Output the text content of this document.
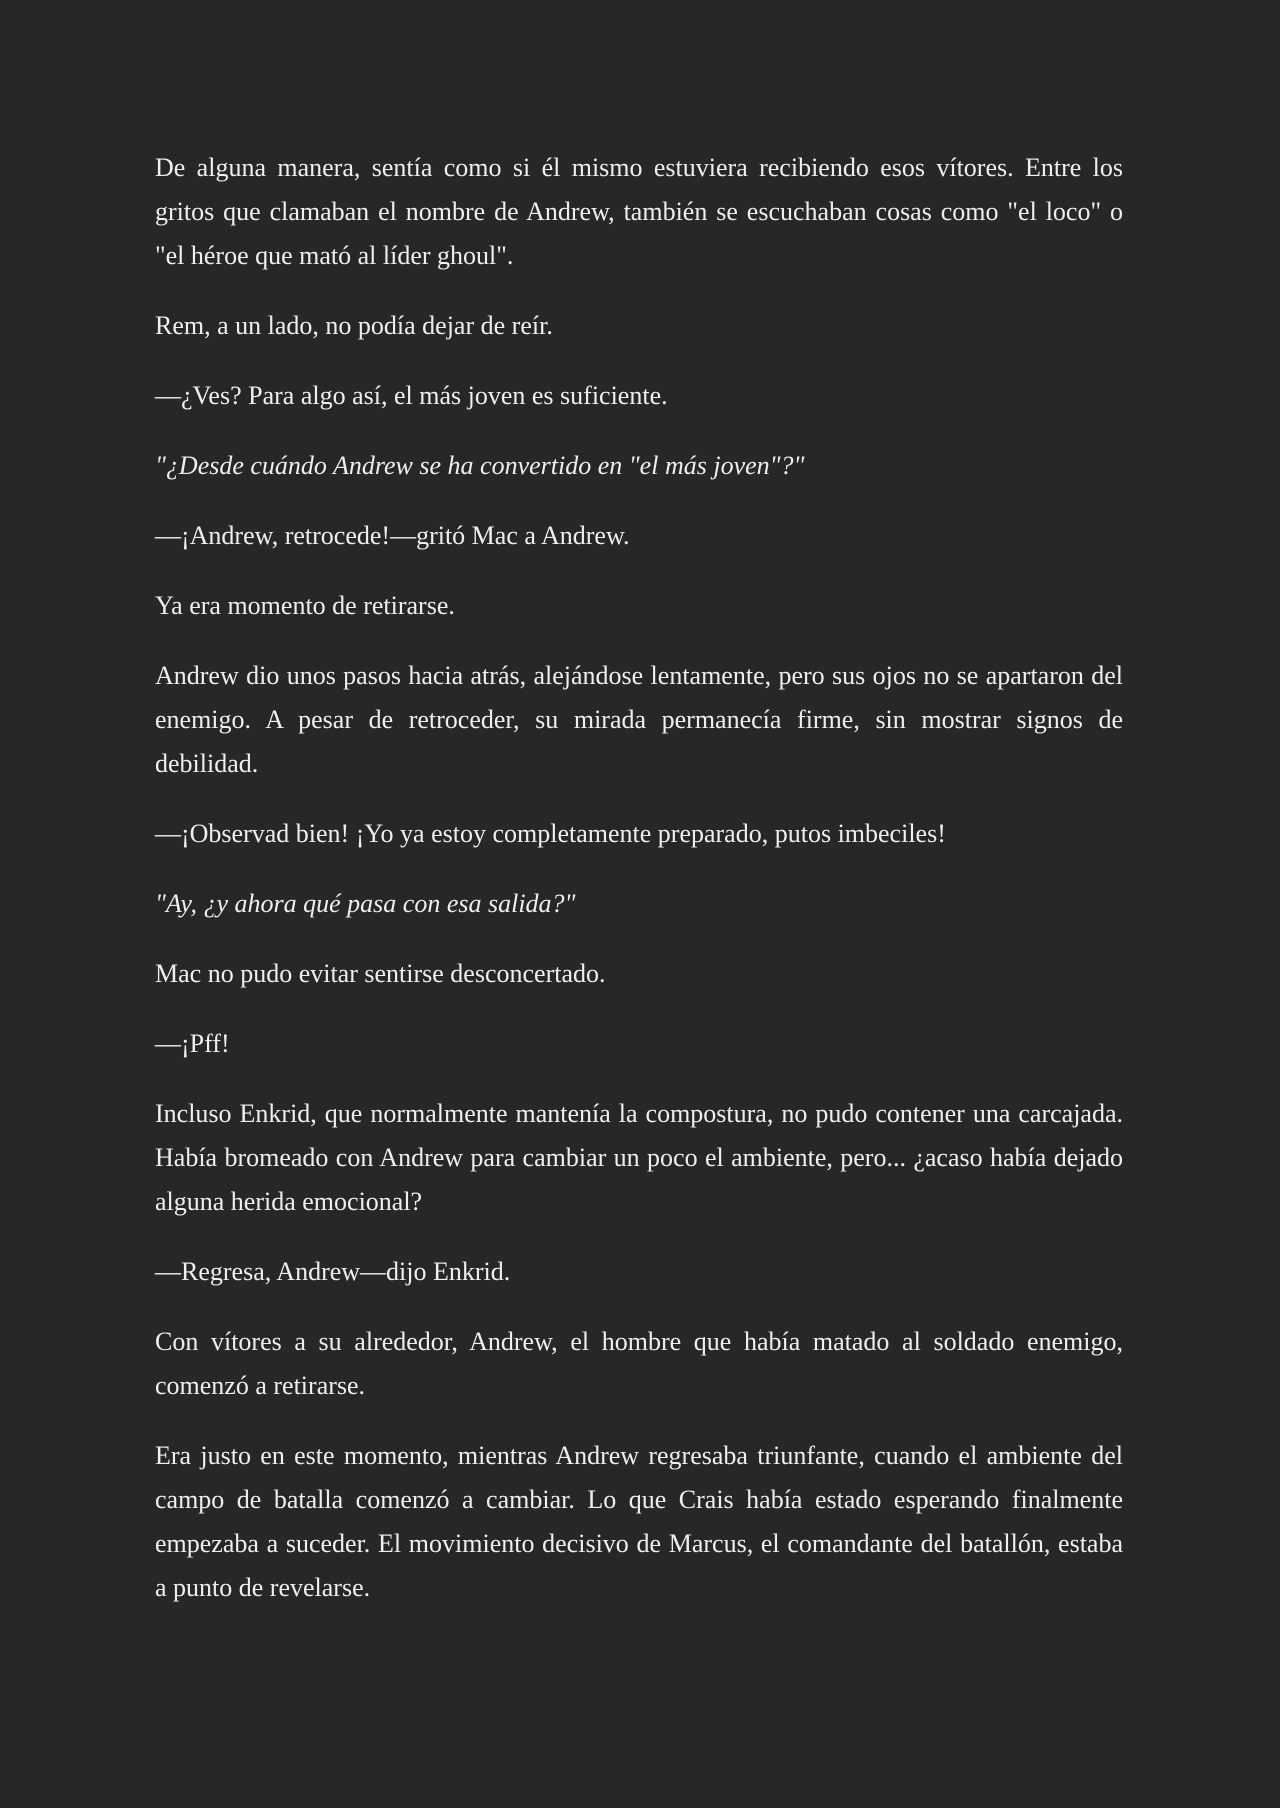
De alguna manera, sentía como si él mismo estuviera recibiendo esos vítores. Entre los gritos que clamaban el nombre de Andrew, también se escuchaban cosas como "el loco" o "el héroe que mató al líder ghoul".

Rem, a un lado, no podía dejar de reír.

—¿Ves? Para algo así, el más joven es suficiente.

"¿Desde cuándo Andrew se ha convertido en "el más joven"?"

—¡Andrew, retrocede!—gritó Mac a Andrew.

Ya era momento de retirarse.

Andrew dio unos pasos hacia atrás, alejándose lentamente, pero sus ojos no se apartaron del enemigo. A pesar de retroceder, su mirada permanecía firme, sin mostrar signos de debilidad.

—¡Observad bien! ¡Yo ya estoy completamente preparado, putos imbeciles!

"Ay, ¿y ahora qué pasa con esa salida?"

Mac no pudo evitar sentirse desconcertado.

—¡Pff!

Incluso Enkrid, que normalmente mantenía la compostura, no pudo contener una carcajada. Había bromeado con Andrew para cambiar un poco el ambiente, pero... ¿acaso había dejado alguna herida emocional?

—Regresa, Andrew—dijo Enkrid.

Con vítores a su alrededor, Andrew, el hombre que había matado al soldado enemigo, comenzó a retirarse.

Era justo en este momento, mientras Andrew regresaba triunfante, cuando el ambiente del campo de batalla comenzó a cambiar. Lo que Crais había estado esperando finalmente empezaba a suceder. El movimiento decisivo de Marcus, el comandante del batallón, estaba a punto de revelarse.
